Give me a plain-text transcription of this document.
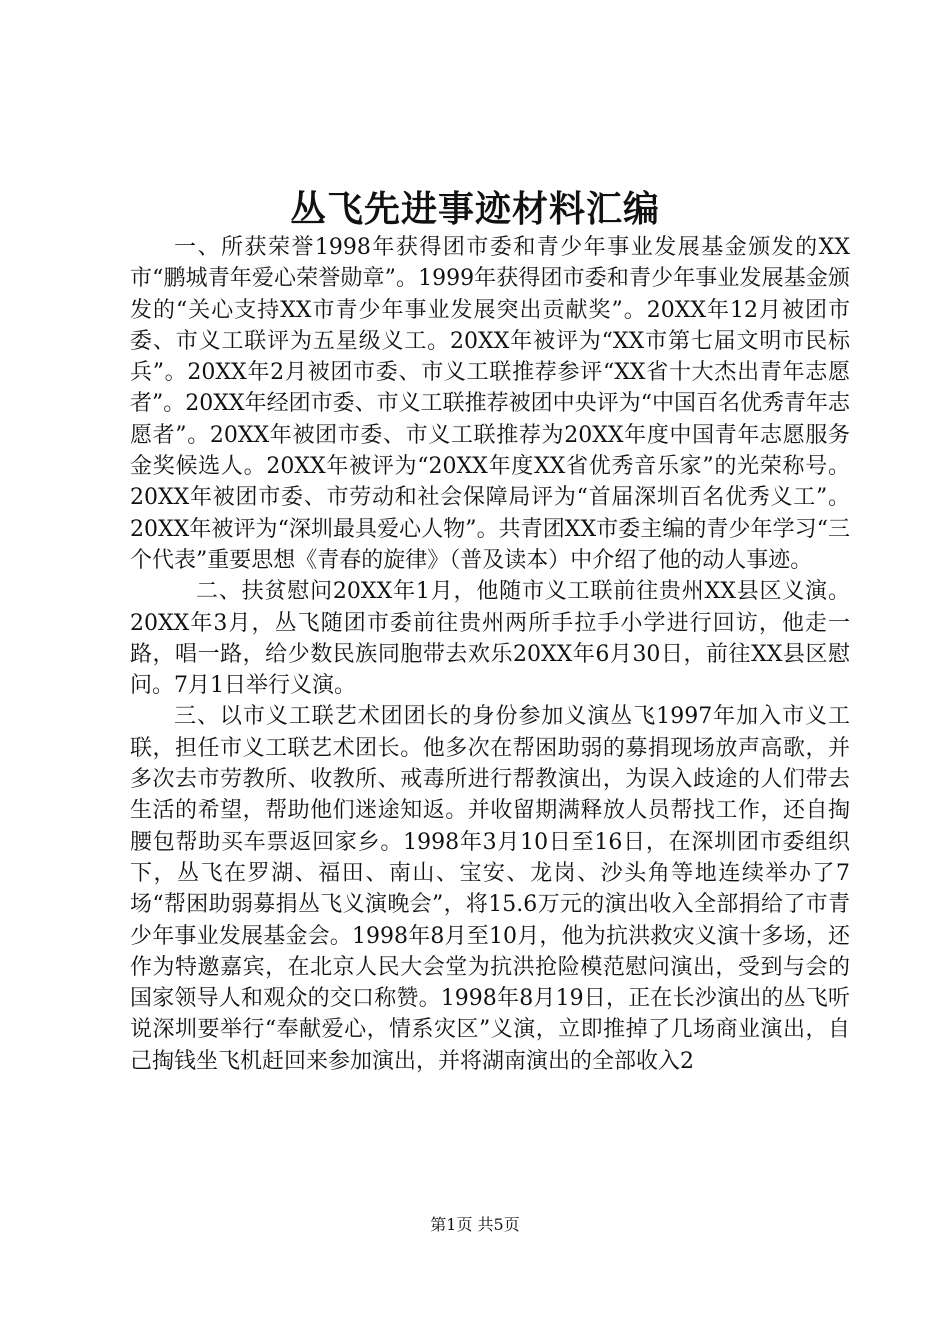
丛飞先进事迹材料汇编

一、所获荣誉1998年获得团市委和青少年事业发展基金颁发的XX市“鹏城青年爱心荣誉勋章”。1999年获得团市委和青少年事业发展基金颁发的“关心支持XX市青少年事业发展突出贡献奖”。20XX年12月被团市委、市义工联评为五星级义工。20XX年被评为“XX市第七届文明市民标兵”。20XX年2月被团市委、市义工联推荐参评“XX省十大杰出青年志愿者”。20XX年经团市委、市义工联推荐被团中央评为“中国百名优秀青年志愿者”。20XX年被团市委、市义工联推荐为20XX年度中国青年志愿服务金奖候选人。20XX年被评为“20XX年度XX省优秀音乐家”的光荣称号。20XX年被团市委、市劳动和社会保障局评为“首届深圳百名优秀义工”。20XX年被评为“深圳最具爱心人物”。共青团XX市委主编的青少年学习“三个代表”重要思想《青春的旋律》（普及读本）中介绍了他的动人事迹。

二、扶贫慰问20XX年1月，他随市义工联前往贵州XX县区义演。20XX年3月，丛飞随团市委前往贵州两所手拉手小学进行回访，他走一路，唱一路，给少数民族同胞带去欢乐20XX年6月30日，前往XX县区慰问。7月1日举行义演。

三、以市义工联艺术团团长的身份参加义演丛飞1997年加入市义工联，担任市义工联艺术团长。他多次在帮困助弱的募捐现场放声高歌，并多次去市劳教所、收教所、戒毒所进行帮教演出，为误入歧途的人们带去生活的希望，帮助他们迷途知返。并收留期满释放人员帮找工作，还自掏腰包帮助买车票返回家乡。1998年3月10日至16日，在深圳团市委组织下，丛飞在罗湖、福田、南山、宝安、龙岗、沙头角等地连续举办了7场“帮困助弱募捐丛飞义演晚会”，将15.6万元的演出收入全部捐给了市青少年事业发展基金会。1998年8月至10月，他为抗洪救灾义演十多场，还作为特邀嘉宾，在北京人民大会堂为抗洪抢险模范慰问演出，受到与会的国家领导人和观众的交口称赞。1998年8月19日，正在长沙演出的丛飞听说深圳要举行“奉献爱心，情系灾区”义演，立即推掉了几场商业演出，自己掏钱坐飞机赶回来参加演出，并将湖南演出的全部收入2

第1页 共5页
